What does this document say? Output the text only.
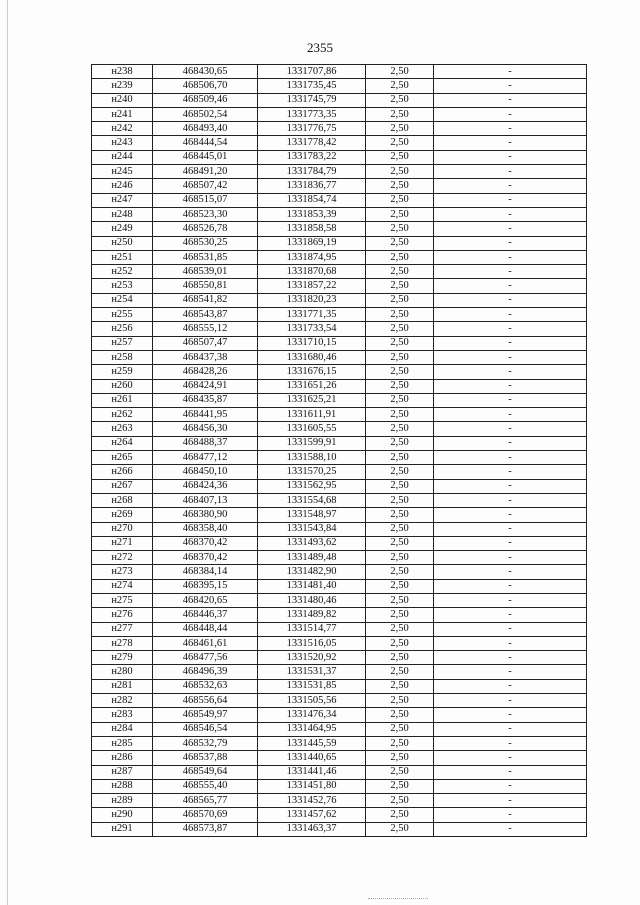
2355
н238	468430,65	1331707,86	2,50	-
н239	468506,70	1331735,45	2,50	-
н240	468509,46	1331745,79	2,50	-
н241	468502,54	1331773,35	2,50	-
н242	468493,40	1331776,75	2,50	-
н243	468444,54	1331778,42	2,50	-
н244	468445,01	1331783,22	2,50	-
н245	468491,20	1331784,79	2,50	-
н246	468507,42	1331836,77	2,50	-
н247	468515,07	1331854,74	2,50	-
н248	468523,30	1331853,39	2,50	-
н249	468526,78	1331858,58	2,50	-
н250	468530,25	1331869,19	2,50	-
н251	468531,85	1331874,95	2,50	-
н252	468539,01	1331870,68	2,50	-
н253	468550,81	1331857,22	2,50	-
н254	468541,82	1331820,23	2,50	-
н255	468543,87	1331771,35	2,50	-
н256	468555,12	1331733,54	2,50	-
н257	468507,47	1331710,15	2,50	-
н258	468437,38	1331680,46	2,50	-
н259	468428,26	1331676,15	2,50	-
н260	468424,91	1331651,26	2,50	-
н261	468435,87	1331625,21	2,50	-
н262	468441,95	1331611,91	2,50	-
н263	468456,30	1331605,55	2,50	-
н264	468488,37	1331599,91	2,50	-
н265	468477,12	1331588,10	2,50	-
н266	468450,10	1331570,25	2,50	-
н267	468424,36	1331562,95	2,50	-
н268	468407,13	1331554,68	2,50	-
н269	468380,90	1331548,97	2,50	-
н270	468358,40	1331543,84	2,50	-
н271	468370,42	1331493,62	2,50	-
н272	468370,42	1331489,48	2,50	-
н273	468384,14	1331482,90	2,50	-
н274	468395,15	1331481,40	2,50	-
н275	468420,65	1331480,46	2,50	-
н276	468446,37	1331489,82	2,50	-
н277	468448,44	1331514,77	2,50	-
н278	468461,61	1331516,05	2,50	-
н279	468477,56	1331520,92	2,50	-
н280	468496,39	1331531,37	2,50	-
н281	468532,63	1331531,85	2,50	-
н282	468556,64	1331505,56	2,50	-
н283	468549,97	1331476,34	2,50	-
н284	468546,54	1331464,95	2,50	-
н285	468532,79	1331445,59	2,50	-
н286	468537,88	1331440,65	2,50	-
н287	468549,64	1331441,46	2,50	-
н288	468555,40	1331451,80	2,50	-
н289	468565,77	1331452,76	2,50	-
н290	468570,69	1331457,62	2,50	-
н291	468573,87	1331463,37	2,50	-
